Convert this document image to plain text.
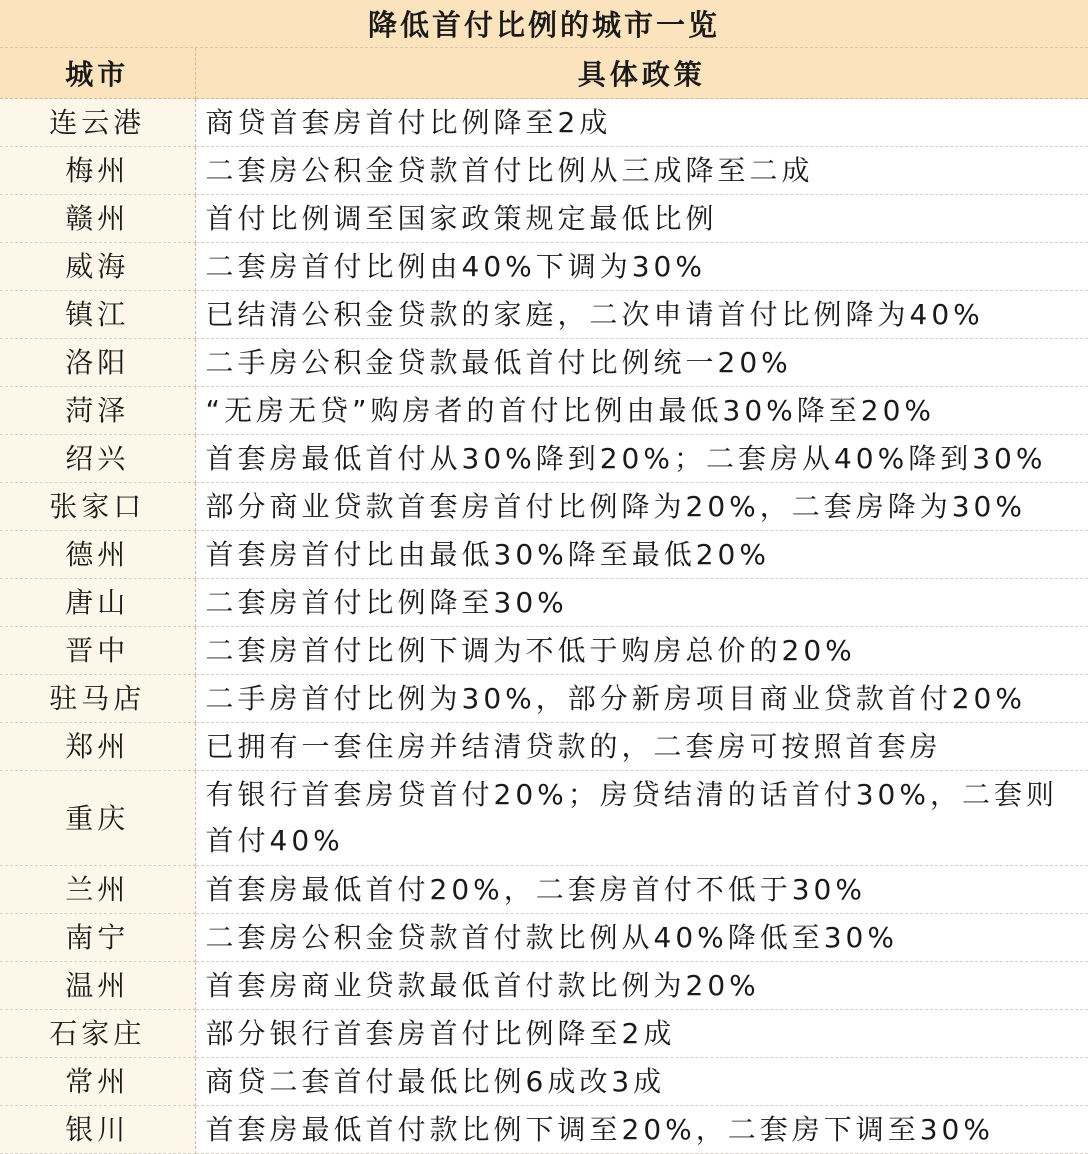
降低首付比例的城市一览
城市	具体政策
连云港	商贷首套房首付比例降至2成
梅州	二套房公积金贷款首付比例从三成降至二成
赣州	首付比例调至国家政策规定最低比例
威海	二套房首付比例由40%下调为30%
镇江	已结清公积金贷款的家庭，二次申请首付比例降为40%
洛阳	二手房公积金贷款最低首付比例统一20%
菏泽	“无房无贷”购房者的首付比例由最低30%降至20%
绍兴	首套房最低首付从30%降到20%；二套房从40%降到30%
张家口	部分商业贷款首套房首付比例降为20%，二套房降为30%
德州	首套房首付比由最低30%降至最低20%
唐山	二套房首付比例降至30%
晋中	二套房首付比例下调为不低于购房总价的20%
驻马店	二手房首付比例为30%，部分新房项目商业贷款首付20%
郑州	已拥有一套住房并结清贷款的，二套房可按照首套房
重庆	有银行首套房贷首付20%；房贷结清的话首付30%，二套则首付40%
兰州	首套房最低首付20%，二套房首付不低于30%
南宁	二套房公积金贷款首付款比例从40%降低至30%
温州	首套房商业贷款最低首付款比例为20%
石家庄	部分银行首套房首付比例降至2成
常州	商贷二套首付最低比例6成改3成
银川	首套房最低首付款比例下调至20%，二套房下调至30%
